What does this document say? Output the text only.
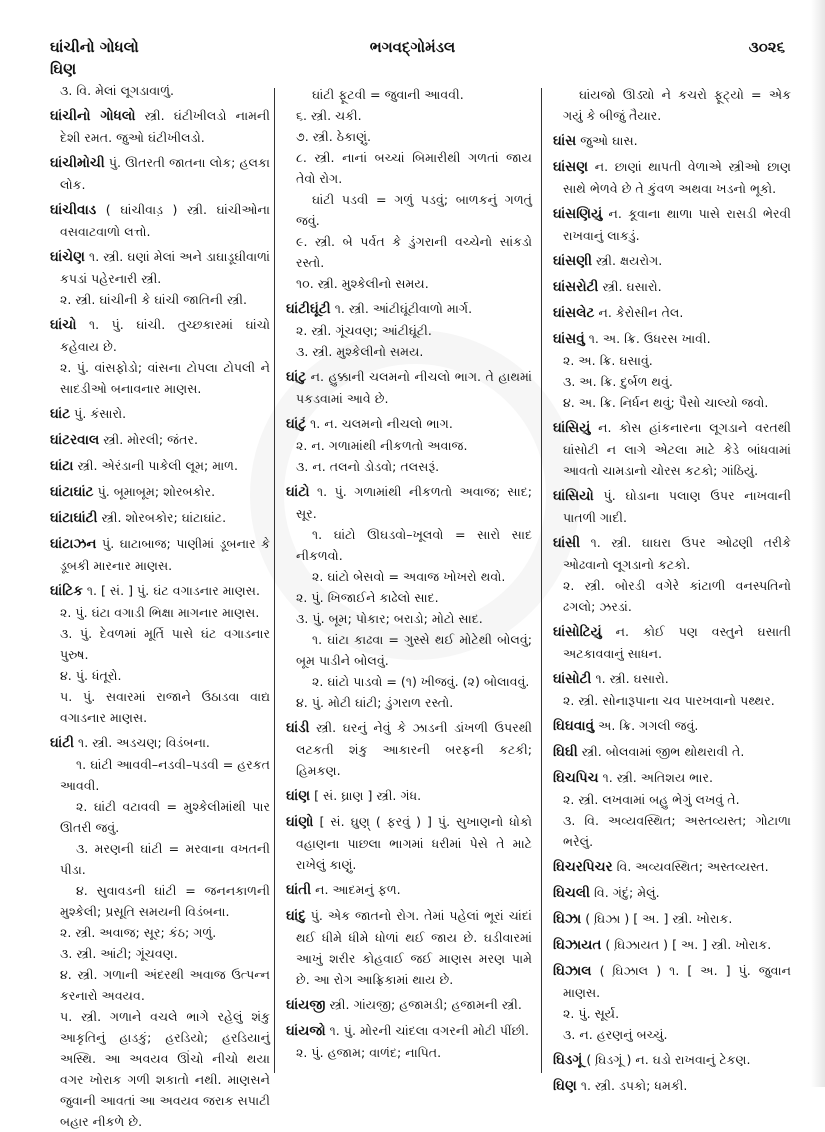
ઘાંચીનો ગોધલો
ઘિણ
ભગવદ્ગોમંડલ	૩૦૨૬

૩. વિ. મેલાં લૂગડાવાળું.

ઘાંચીનો ગોધલો સ્ત્રી. ઘંટીખીલડો નામની દેશી રમત. જુઓ ઘંટીખીલડો.

ઘાંચીમોચી પું. ઊતરતી જાતના લોક; હલકા લોક.

ઘાંચીવાડ ( ઘાંચીવાડ઼ ) સ્ત્રી. ઘાંચીઓના વસવાટવાળો લત્તો.

ઘાંચેણ ૧. સ્ત્રી. ઘણાં મેલાં અને ડાઘાડૂઘીવાળાં કપડાં પહેરનારી સ્ત્રી.

૨. સ્ત્રી. ઘાંચીની કે ઘાંચી જાતિની સ્ત્રી.

ઘાંચો ૧. પું. ઘાંચી. તુચ્છકારમાં ઘાંચો કહેવાય છે.

૨. પું. વાંસફોડો; વાંસના ટોપલા ટોપલી ને સાદડીઓ બનાવનાર માણસ.

ઘાંટ પું. કંસારો.

ઘાંટરવાલ સ્ત્રી. મોરલી; જંતર.

ઘાંટા સ્ત્રી. એરંડાની પાકેલી લૂમ; માળ.

ઘાંટાઘાંટ પું. બૂમાબૂમ; શોરબકોર.

ઘાંટાઘાંટી સ્ત્રી. શોરબકોર; ઘાંટાઘાંટ.

ઘાંટાઝન પું. ઘાટાબાજ; પાણીમાં ડૂબનાર કે ડૂબકી મારનાર માણસ.

ઘાંટિક ૧. [ સં. ] પું. ઘંટ વગાડનાર માણસ.

૨. પું. ઘંટા વગાડી ભિક્ષા માગનાર માણસ.

૩. પું. દેવળમાં મૂર્તિ પાસે ઘંટ વગાડનાર પુરુષ.

૪. પું. ધંતૂરો.

૫. પું. સવારમાં રાજાને ઉઠાડવા વાદ્ય વગાડનાર માણસ.

ઘાંટી ૧. સ્ત્રી. અડચણ; વિડંબના.

૧. ઘાંટી આવવી–નડવી–પડવી = હરકત આવવી.

૨. ઘાંટી વટાવવી = મુશ્કેલીમાંથી પાર ઊતરી જવું.

૩. મરણની ઘાંટી = મરવાના વખતની પીડા.

૪. સુવાવડની ઘાંટી = જનનકાળની મુશ્કેલી; પ્રસૂતિ સમયની વિડંબના.

૨. સ્ત્રી. અવાજ; સૂર; કંઠ; ગળું.

૩. સ્ત્રી. આંટી; ગૂંચવણ.

૪. સ્ત્રી. ગળાની અંદરથી અવાજ ઉત્પન્ન કરનારો અવયવ.

૫. સ્ત્રી. ગળાને વચલે ભાગે રહેલું શંકુ આકૃતિનું હાડકું; હરડિયો; હરડિયાનું અસ્થિ. આ અવયવ ઊંચો નીચો થયા વગર ખોરાક ગળી શકાતો નથી. માણસને જુવાની આવતાં આ અવયવ જરાક સપાટી બહાર નીકળે છે.

ઘાંટી ફૂટવી = જુવાની આવવી.

૬. સ્ત્રી. ચકી.

૭. સ્ત્રી. ઠેકાણું.

૮. સ્ત્રી. નાનાં બચ્ચાં બિમારીથી ગળતાં જાય તેવો રોગ.

ઘાંટી પડવી = ગળું પડવું; બાળકનું ગળતું જવું.

૯. સ્ત્રી. બે પર્વત કે ડુંગરાની વચ્ચેનો સાંકડો રસ્તો.

૧૦. સ્ત્રી. મુશ્કેલીનો સમય.

ઘાંટીઘૂંટી ૧. સ્ત્રી. આંટીઘૂંટીવાળો માર્ગ.

૨. સ્ત્રી. ગૂંચવણ; આંટીઘૂંટી.

૩. સ્ત્રી. મુશ્કેલીનો સમય.

ઘાંટુ ન. હુક્કાની ચલમનો નીચલો ભાગ. તે હાથમાં પકડવામાં આવે છે.

ઘાંટું ૧. ન. ચલમનો નીચલો ભાગ.

૨. ન. ગળામાંથી નીકળતો અવાજ.

૩. ન. તલનો ડોડવો; તલસરૂં.

ઘાંટો ૧. પું. ગળામાંથી નીકળતો અવાજ; સાદ; સૂર.

૧. ઘાંટો ઊઘડવો–ખૂલવો = સારો સાદ નીકળવો.

૨. ઘાંટો બેસવો = અવાજ ખોખરો થવો.

૨. પું. ખિજાઈને કાઢેલો સાદ.

૩. પું. બૂમ; પોકાર; બરાડો; મોટો સાદ.

૧. ઘાંટા કાઢવા = ગુસ્સે થઈ મોટેથી બોલવું; બૂમ પાડીને બોલવું.

૨. ઘાંટો પાડવો = (૧) ખીજવું. (૨) બોલાવવું.

૪. પું. મોટી ઘાંટી; ડુંગરાળ રસ્તો.

ઘાંડી સ્ત્રી. ઘરનું નેવું કે ઝાડની ડાંખળી ઉપરથી લટકતી શંકુ આકારની બરફની કટકી; હિમકણ.

ઘાંણ [ સં. ઘ્રાણ ] સ્ત્રી. ગંધ.

ઘાંણો [ સં. ઘુણ્ ( ફરવું ) ] પું. સુખાણનો ધોકો વહાણના પાછલા ભાગમાં ધરીમાં પેસે તે માટે રાખેલું કાણું.

ઘાંતી ન. આદમનું ફળ.

ઘાંદુ પું. એક જાતનો રોગ. તેમાં પહેલાં ભૂરાં ચાંદાં થઈ ધીમે ધીમે ધોળાં થઈ જાય છે. ઘડીવારમાં આખું શરીર કોહવાઈ જઈ માણસ મરણ પામે છે. આ રોગ આફ્રિકામાં થાય છે.

ઘાંયજી સ્ત્રી. ગાંયજી; હજામડી; હજામની સ્ત્રી.

ઘાંયજો ૧. પું. મોરની ચાંદલા વગરની મોટી પીંછી.

૨. પું. હજામ; વાળંદ; નાપિત.

ઘાંયજો ઊડ્યો ને કચરો ફૂટ્યો = એક ગયું કે બીજું તૈયાર.

ઘાંસ જુઓ ઘાસ.

ઘાંસણ ન. છાણાં થાપતી વેળાએ સ્ત્રીઓ છાણ સાથે ભેળવે છે તે કુંવળ અથવા ખડનો ભૂકો.

ઘાંસણિયું ન. કૂવાના થાળા પાસે રાસડી ભેરવી રાખવાનું લાકડું.

ઘાંસણી સ્ત્રી. ક્ષયરોગ.

ઘાંસરોટી સ્ત્રી. ઘસારો.

ઘાંસલેટ ન. કેરોસીન તેલ.

ઘાંસવું ૧. અ. ક્રિ. ઉધરસ ખાવી.

૨. અ. ક્રિ. ઘસાવું.

૩. અ. ક્રિ. દુર્બળ થવું.

૪. અ. ક્રિ. નિર્ધન થવું; પૈસો ચાલ્યો જવો.

ઘાંસિયું ન. કોસ હાંકનારના લૂગડાને વરતથી ઘાંસોટી ન લાગે એટલા માટે કેડે બાંધવામાં આવતો ચામડાનો ચોરસ કટકો; ગાંઠિયું.

ઘાંસિયો પું. ઘોડાના પલાણ ઉપર નાખવાની પાતળી ગાદી.

ઘાંસી ૧. સ્ત્રી. ઘાઘરા ઉપર ઓઢણી તરીકે ઓઢવાનો લૂગડાનો કટકો.

૨. સ્ત્રી. બોરડી વગેરે કાંટાળી વનસ્પતિનો ઢગલો; ઝરડાં.

ઘાંસોટિયું ન. કોઈ પણ વસ્તુને ઘસાતી અટકાવવાનું સાધન.

ઘાંસોટી ૧. સ્ત્રી. ઘસારો.

૨. સ્ત્રી. સોનારૂપાના ચવ પારખવાનો પથ્થર.

ઘિઘવાવું અ. ક્રિ. ગગલી જવું.

ઘિઘી સ્ત્રી. બોલવામાં જીભ થોથરાવી તે.

ઘિચપિચ ૧. સ્ત્રી. અતિશય ભાર.

૨. સ્ત્રી. લખવામાં બહુ ભેગું લખવું તે.

૩. વિ. અવ્યવસ્થિત; અસ્તવ્યસ્ત; ગોટાળા ભરેલું.

ઘિચરપિચર વિ. અવ્યવસ્થિત; અસ્તવ્યસ્ત.

ઘિચલી વિ. ગંદું; મેલું.

ઘિઝા ( ઘિ઼ઝા ) [ અ. ] સ્ત્રી. ખોરાક.

ઘિઝાયત ( ઘિ઼ઝાયત ) [ અ. ] સ્ત્રી. ખોરાક.

ઘિઝાલ ( ઘિ઼ઝાલ ) ૧. [ અ. ] પું. જુવાન માણસ.

૨. પું. સૂર્ય.

૩. ન. હરણનું બચ્ચું.

ઘિડગૂં ( ઘિ઼ડગૂં ) ન. ઘડો રાખવાનું ટેકણ.

ઘિણ ૧. સ્ત્રી. ડપકો; ધમકી.
